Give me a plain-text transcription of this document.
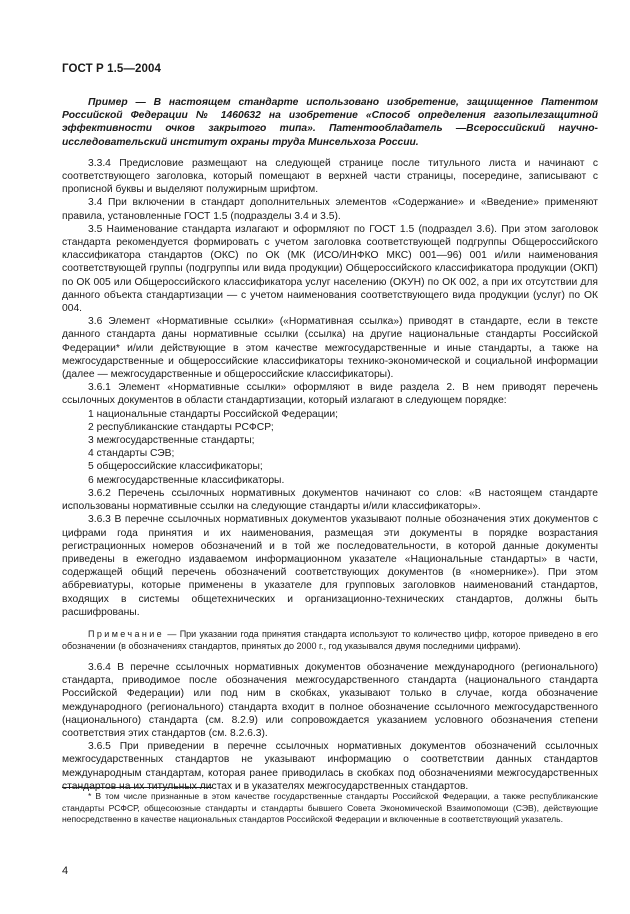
ГОСТ Р 1.5—2004

Пример — В настоящем стандарте использовано изобретение, защищенное Патентом Российской Федерации № 1460632 на изобретение «Способ определения газопылезащитной эффективности очков закрытого типа». Патентообладатель —Всероссийский научно-исследовательский институт охраны труда Минсельхоза России.

3.3.4 Предисловие размещают на следующей странице после титульного листа и начинают с соответствующего заголовка, который помещают в верхней части страницы, посередине, записывают с прописной буквы и выделяют полужирным шрифтом.

3.4 При включении в стандарт дополнительных элементов «Содержание» и «Введение» применяют правила, установленные ГОСТ 1.5 (подразделы 3.4 и 3.5).

3.5 Наименование стандарта излагают и оформляют по ГОСТ 1.5 (подраздел 3.6). При этом заголовок стандарта рекомендуется формировать с учетом заголовка соответствующей подгруппы Общероссийского классификатора стандартов (ОКС) по ОК (МК (ИСО/ИНФКО МКС) 001—96) 001 и/или наименования соответствующей группы (подгруппы или вида продукции) Общероссийского классификатора продукции (ОКП) по ОК 005 или Общероссийского классификатора услуг населению (ОКУН) по ОК 002, а при их отсутствии для данного объекта стандартизации — с учетом наименования соответствующего вида продукции (услуг) по ОК 004.

3.6 Элемент «Нормативные ссылки» («Нормативная ссылка») приводят в стандарте, если в тексте данного стандарта даны нормативные ссылки (ссылка) на другие национальные стандарты Российской Федерации* и/или действующие в этом качестве межгосударственные и иные стандарты, а также на межгосударственные и общероссийские классификаторы технико-экономической и социальной информации (далее — межгосударственные и общероссийские классификаторы).

3.6.1 Элемент «Нормативные ссылки» оформляют в виде раздела 2. В нем приводят перечень ссылочных документов в области стандартизации, который излагают в следующем порядке:

1 национальные стандарты Российской Федерации;

2 республиканские стандарты РСФСР;

3 межгосударственные стандарты;

4 стандарты СЭВ;

5 общероссийские классификаторы;

6 межгосударственные классификаторы.

3.6.2 Перечень ссылочных нормативных документов начинают со слов: «В настоящем стандарте использованы нормативные ссылки на следующие стандарты и/или классификаторы».

3.6.3 В перечне ссылочных нормативных документов указывают полные обозначения этих документов с цифрами года принятия и их наименования, размещая эти документы в порядке возрастания регистрационных номеров обозначений и в той же последовательности, в которой данные документы приведены в ежегодно издаваемом информационном указателе «Национальные стандарты» в части, содержащей общий перечень обозначений соответствующих документов (в «номернике»). При этом аббревиатуры, которые применены в указателе для групповых заголовков наименований стандартов, входящих в системы общетехнических и организационно-технических стандартов, должны быть расшифрованы.

Примечание — При указании года принятия стандарта используют то количество цифр, которое приведено в его обозначении (в обозначениях стандартов, принятых до 2000 г., год указывался двумя последними цифрами).

3.6.4 В перечне ссылочных нормативных документов обозначение международного (регионального) стандарта, приводимое после обозначения межгосударственного стандарта (национального стандарта Российской Федерации) или под ним в скобках, указывают только в случае, когда обозначение международного (регионального) стандарта входит в полное обозначение ссылочного межгосударственного (национального) стандарта (см. 8.2.9) или сопровождается указанием условного обозначения степени соответствия этих стандартов (см. 8.2.6.3).

3.6.5 При приведении в перечне ссылочных нормативных документов обозначений ссылочных межгосударственных стандартов не указывают информацию о соответствии данных стандартов международным стандартам, которая ранее приводилась в скобках под обозначениями межгосударственных стандартов на их титульных листах и в указателях межгосударственных стандартов.

* В том числе признанные в этом качестве государственные стандарты Российской Федерации, а также республиканские стандарты РСФСР, общесоюзные стандарты и стандарты бывшего Совета Экономической Взаимопомощи (СЭВ), действующие непосредственно в качестве национальных стандартов Российской Федерации и включенные в соответствующий указатель.
4
